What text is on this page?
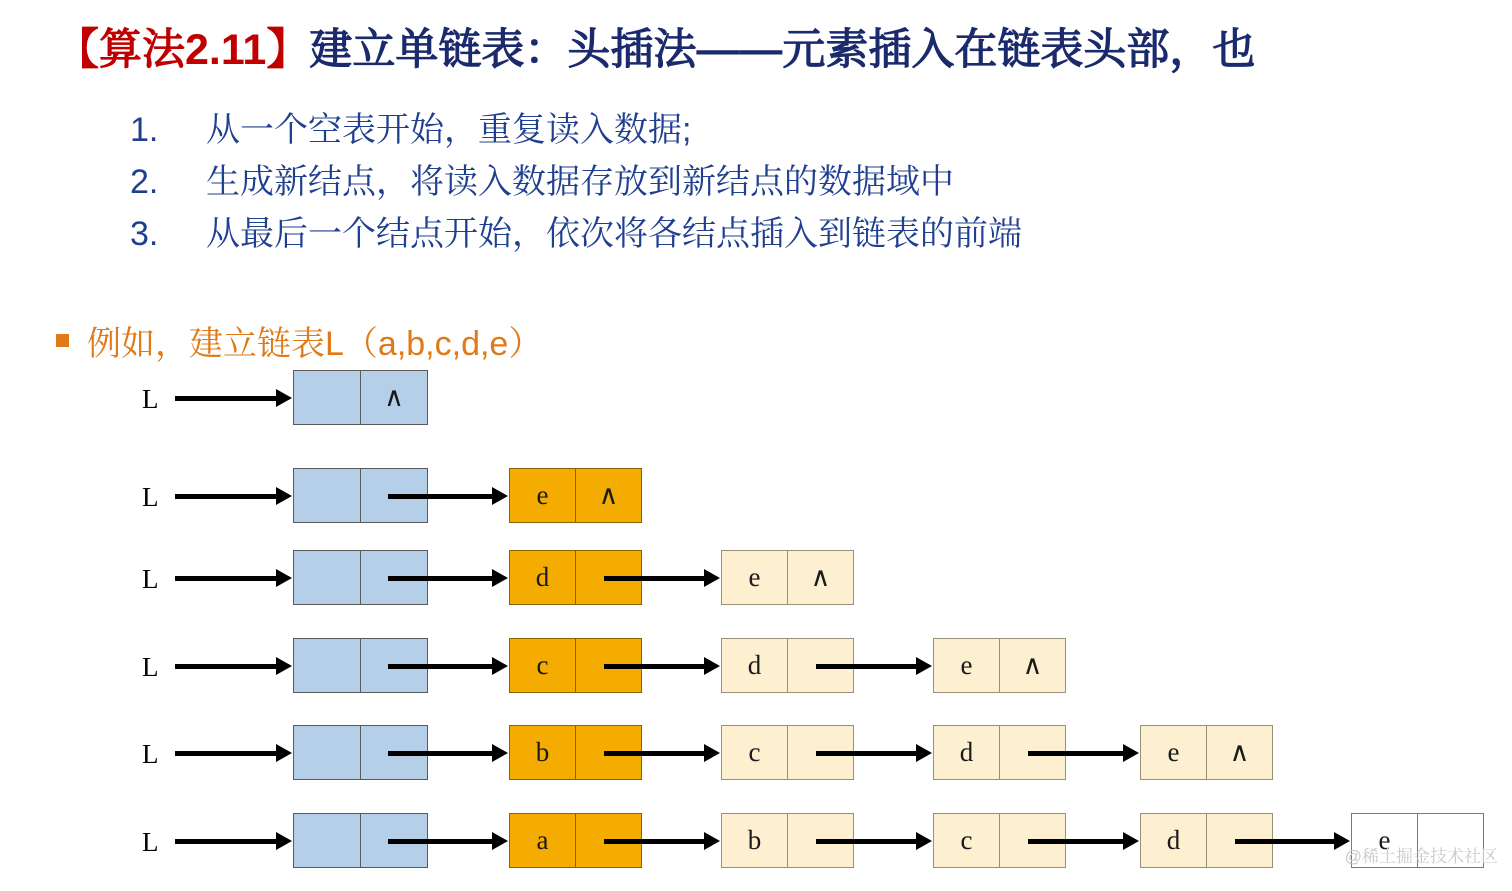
【算法2.11】建立单链表：头插法——元素插入在链表头部，也
1.	从一个空表开始，重复读入数据;
2.	生成新结点，将读入数据存放到新结点的数据域中
3.	从最后一个结点开始，依次将各结点插入到链表的前端
例如，建立链表L（a,b,c,d,e）
L	∧
L	e	∧
L	d	e	∧
L	c	d	e	∧
L	b	c	d	e	∧
L	a	b	c	d	e
@稀土掘金技术社区
